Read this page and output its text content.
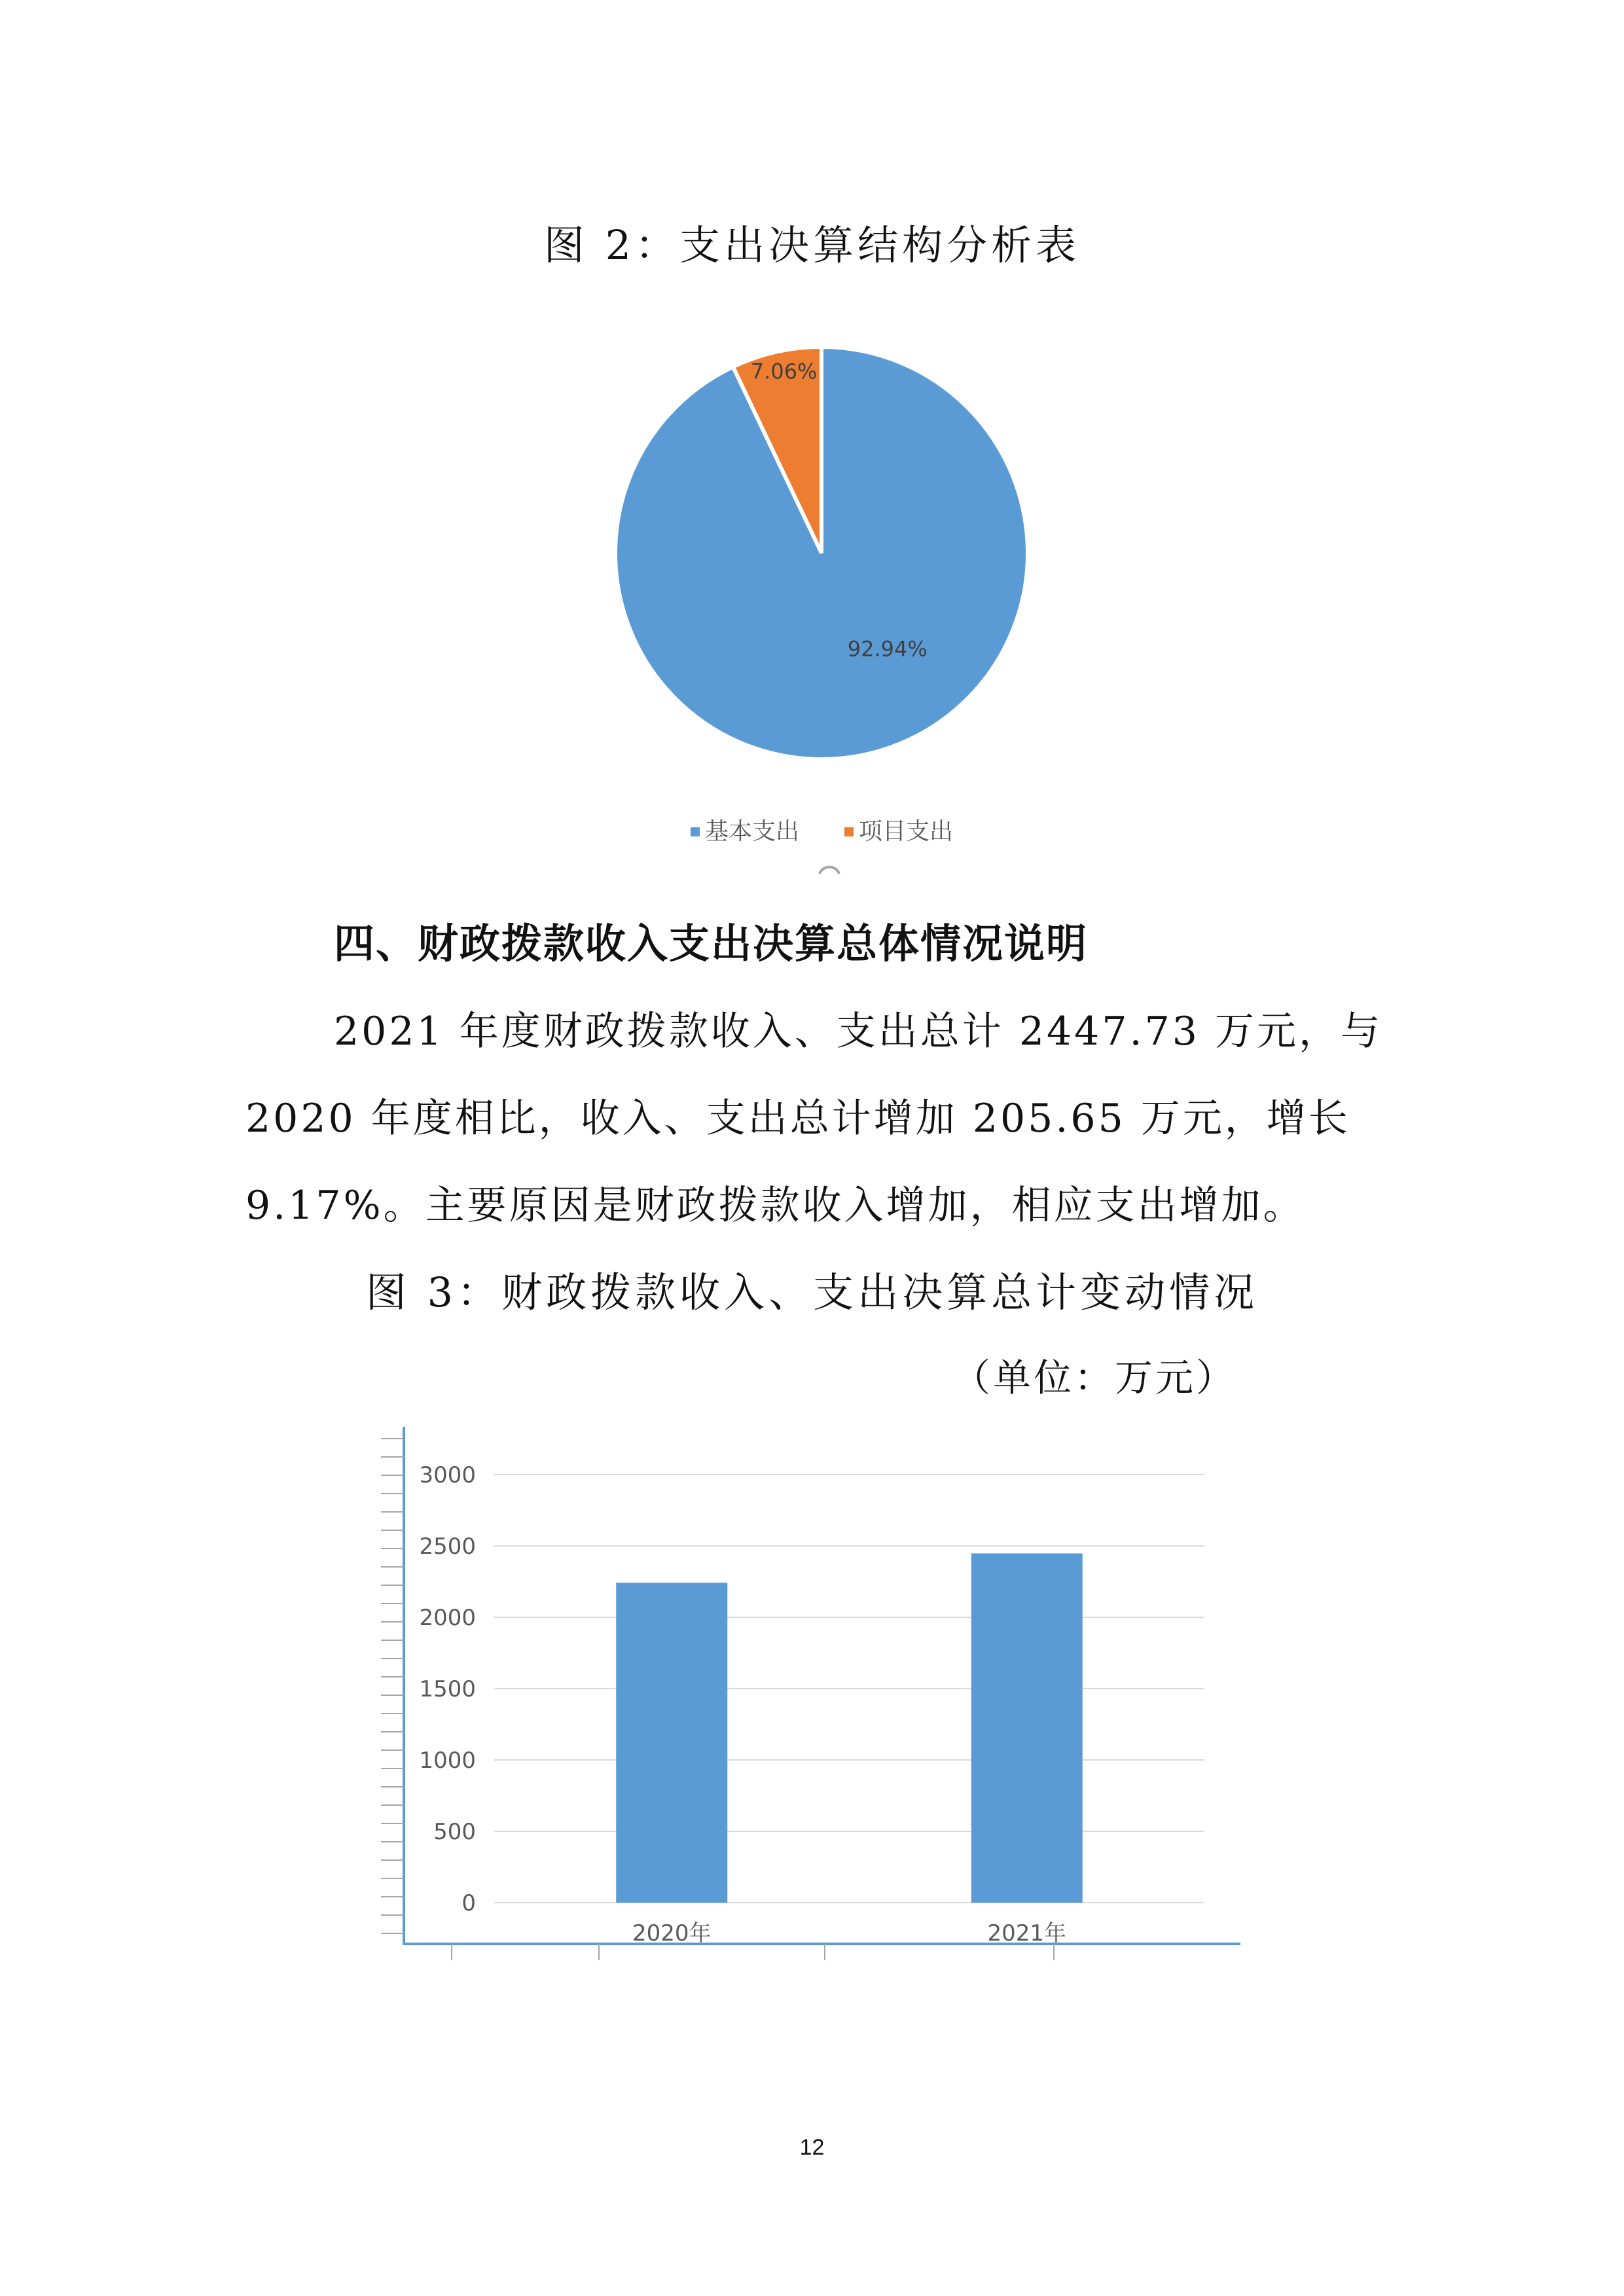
图 2：支出决算结构分析表
7.06%
92.94%
基本支出	项目支出
四、财政拨款收入支出决算总体情况说明
2021 年度财政拨款收入、支出总计 2447.73 万元，与
2020 年度相比，收入、支出总计增加 205.65 万元，增长
9.17%。主要原因是财政拨款收入增加，相应支出增加。
图 3：财政拨款收入、支出决算总计变动情况
（单位：万元）
0
500
1000
1500
2000
2500
3000
2020年	2021年
12
